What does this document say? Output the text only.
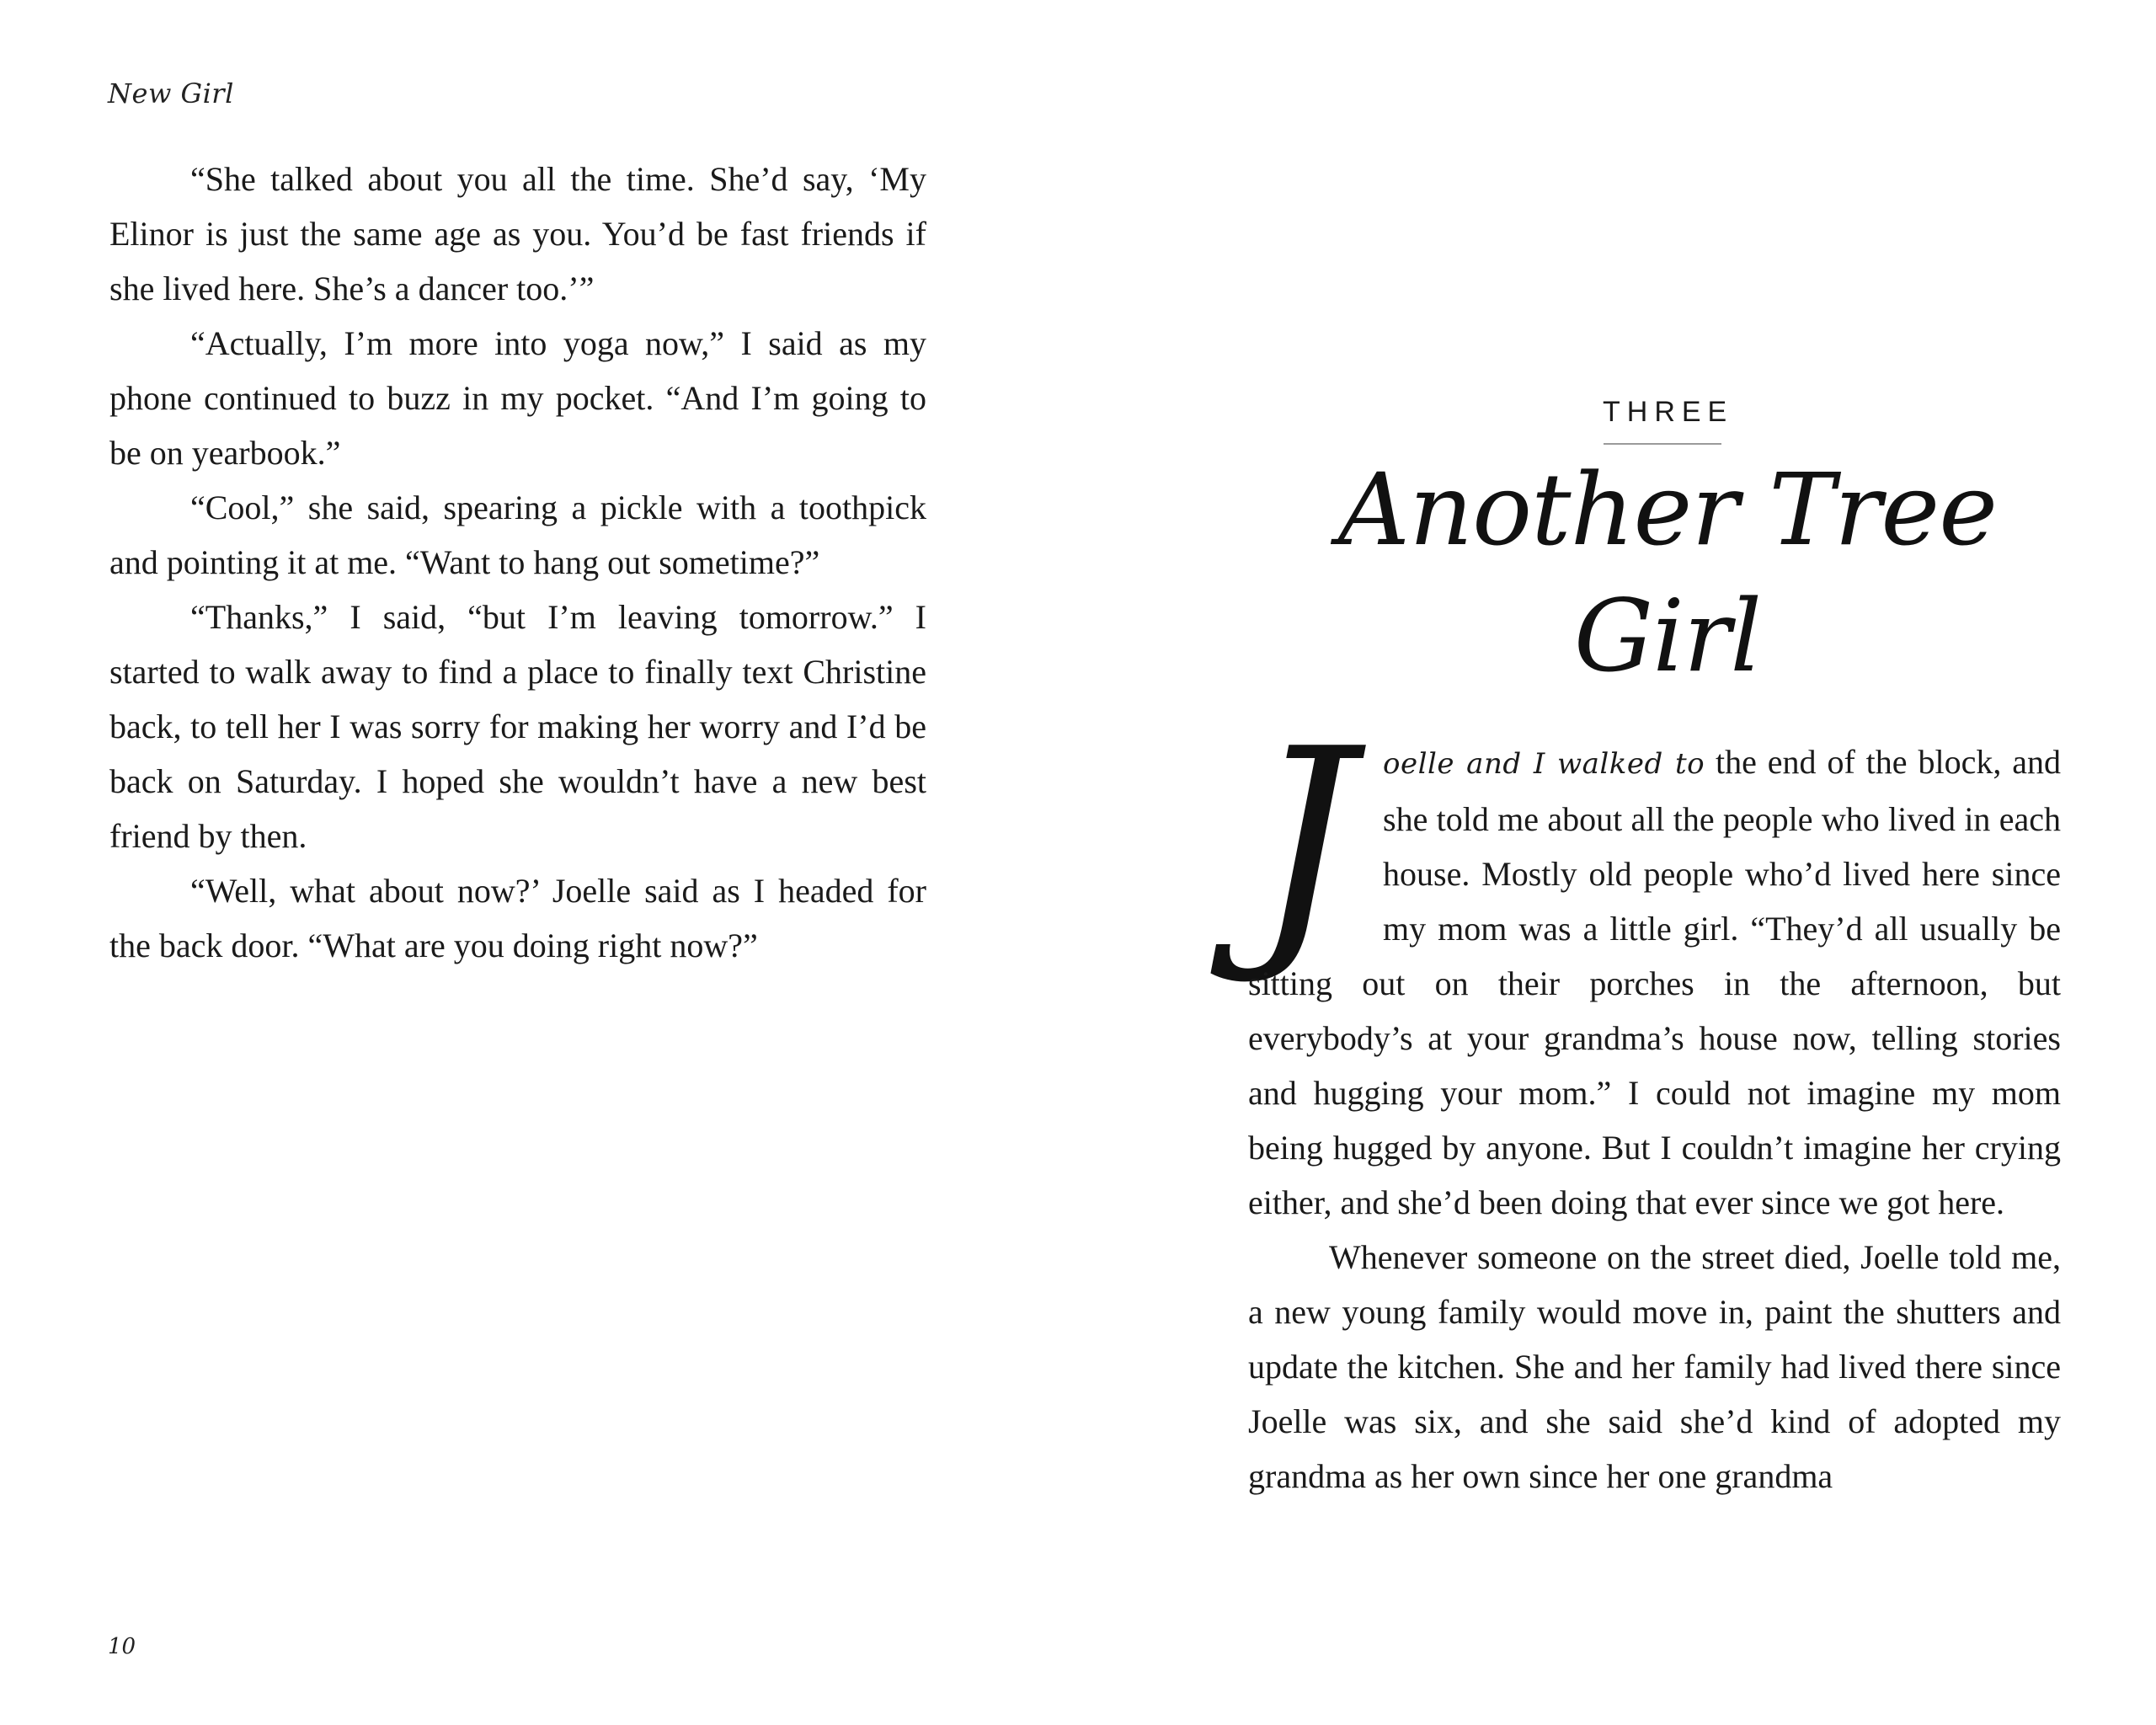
New Girl

“She talked about you all the time. She’d say, ‘My Elinor is just the same age as you. You’d be fast friends if she lived here. She’s a dancer too.’”

“Actually, I’m more into yoga now,” I said as my phone continued to buzz in my pocket. “And I’m going to be on yearbook.”

“Cool,” she said, spearing a pickle with a toothpick and pointing it at me. “Want to hang out sometime?”

“Thanks,” I said, “but I’m leaving tomorrow.” I started to walk away to find a place to finally text Christine back, to tell her I was sorry for making her worry and I’d be back on Saturday. I hoped she wouldn’t have a new best friend by then.

“Well, what about now?’ Joelle said as I headed for the back door. “What are you doing right now?”

10
THREE
Another Tree Girl
J oelle and I walked to the end of the block, and she told me about all the people who lived in each house. Mostly old people who’d lived here since my mom was a little girl. “They’d all usually be sitting out on their porches in the afternoon, but everybody’s at your grandma’s house now, telling stories and hugging your mom.” I could not imagine my mom being hugged by anyone. But I couldn’t imagine her crying either, and she’d been doing that ever since we got here.

Whenever someone on the street died, Joelle told me, a new young family would move in, paint the shutters and update the kitchen. She and her family had lived there since Joelle was six, and she said she’d kind of adopted my grandma as her own since her one grandma
